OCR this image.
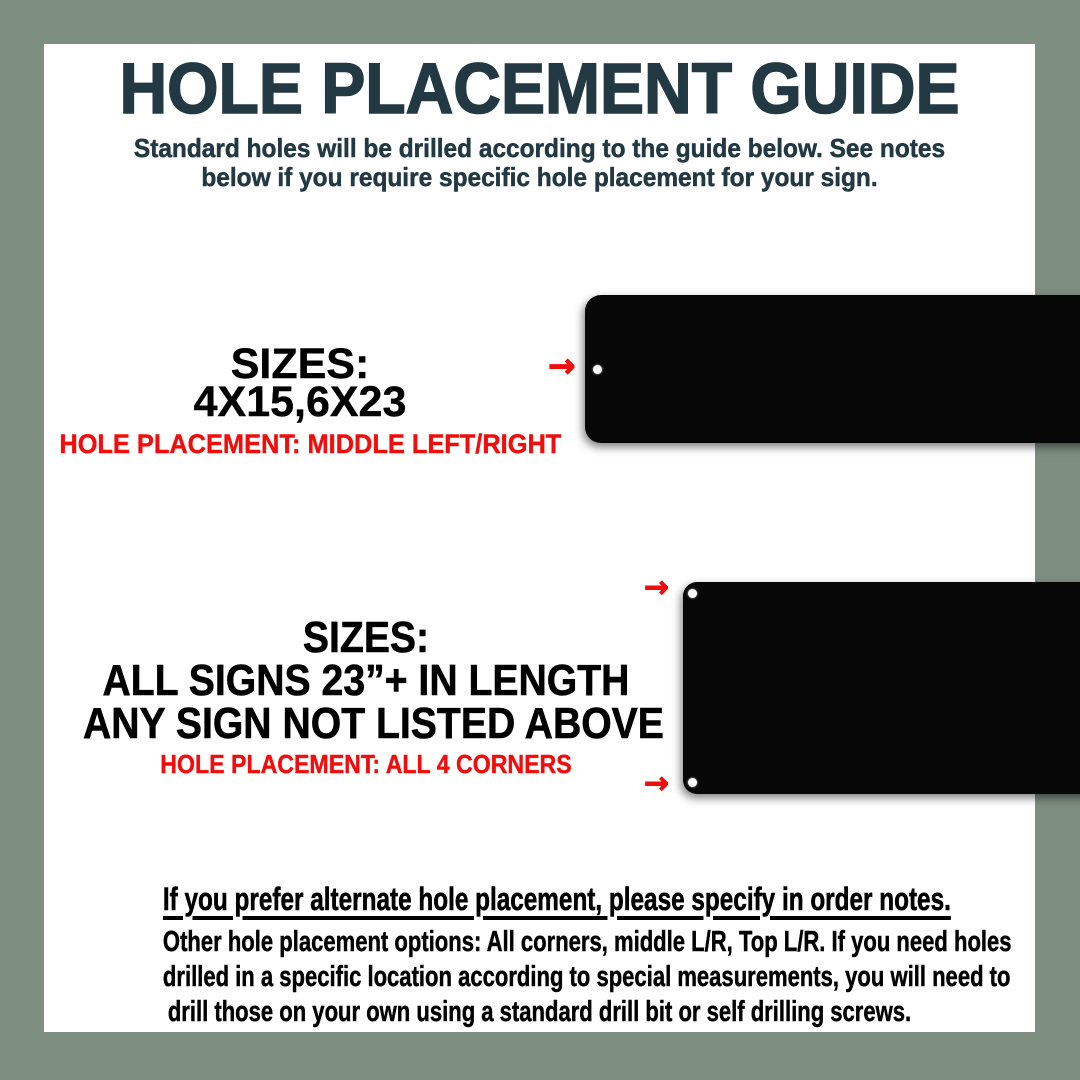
HOLE PLACEMENT GUIDE
Standard holes will be drilled according to the guide below. See notes
below if you require specific hole placement for your sign.
SIZES:
4X15,6X23
HOLE PLACEMENT: MIDDLE LEFT/RIGHT
→
SIZES:
ALL SIGNS 23”+ IN LENGTH
ANY SIGN NOT LISTED ABOVE
HOLE PLACEMENT: ALL 4 CORNERS
→
→
If you prefer alternate hole placement, please specify in order notes.
Other hole placement options: All corners, middle L/R, Top L/R. If you need holes
drilled in a specific location according to special measurements, you will need to
drill those on your own using a standard drill bit or self drilling screws.
